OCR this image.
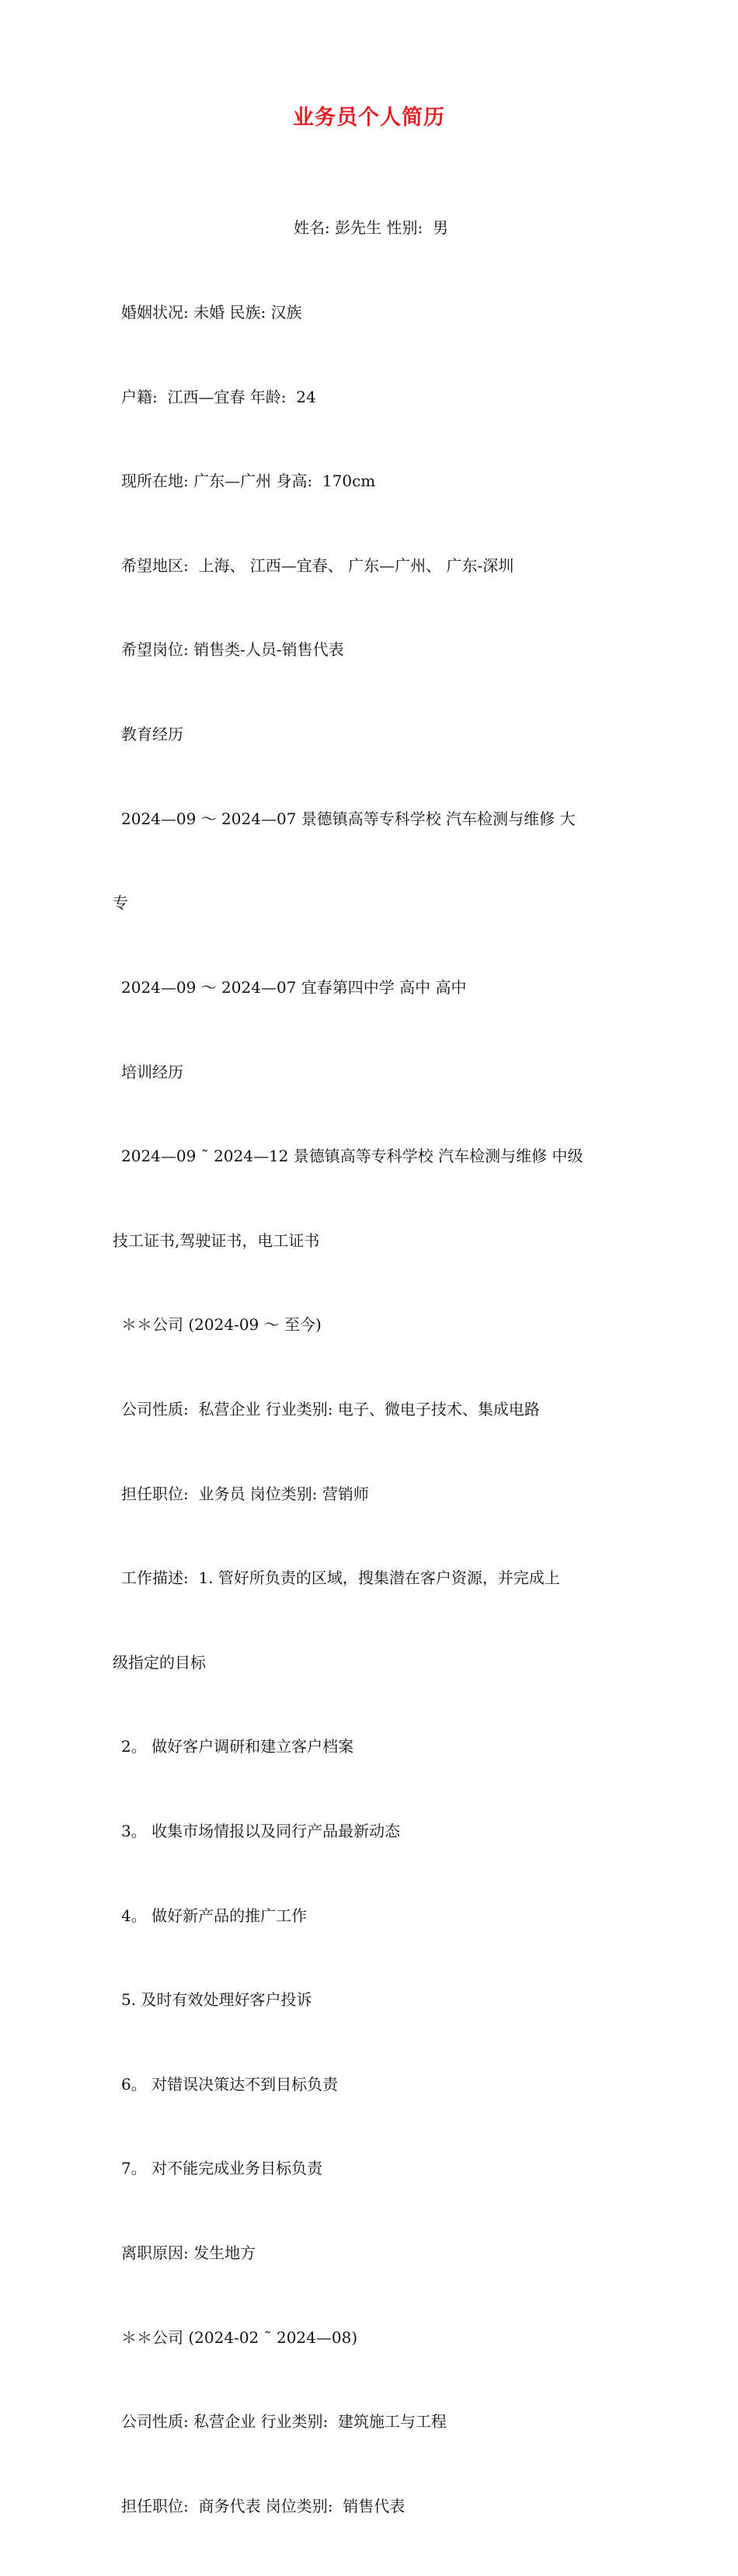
业务员个人简历

姓名: 彭先生 性别:  男

婚姻状况: 未婚 民族: 汉族

户籍:  江西—宜春 年龄:  24

现所在地: 广东—广州 身高:  170cm

希望地区:  上海、 江西—宜春、 广东—广州、 广东-深圳

希望岗位: 销售类-人员-销售代表

教育经历

2024—09 ～ 2024—07 景德镇高等专科学校 汽车检测与维修 大

专

2024—09 ～ 2024—07 宜春第四中学 高中 高中

培训经历

2024—09 ˜ 2024—12 景德镇高等专科学校 汽车检测与维修 中级

技工证书,驾驶证书，电工证书

＊＊公司 (2024-09 ～ 至今)

公司性质:  私营企业 行业类别: 电子、微电子技术、集成电路

担任职位:  业务员 岗位类别: 营销师

工作描述:  1. 管好所负责的区域，搜集潜在客户资源，并完成上

级指定的目标

2。 做好客户调研和建立客户档案

3。 收集市场情报以及同行产品最新动态

4。 做好新产品的推广工作

5. 及时有效处理好客户投诉

6。 对错误决策达不到目标负责

7。 对不能完成业务目标负责

离职原因: 发生地方

＊＊公司 (2024-02 ˜ 2024—08)

公司性质: 私营企业 行业类别:  建筑施工与工程

担任职位:  商务代表 岗位类别:  销售代表
